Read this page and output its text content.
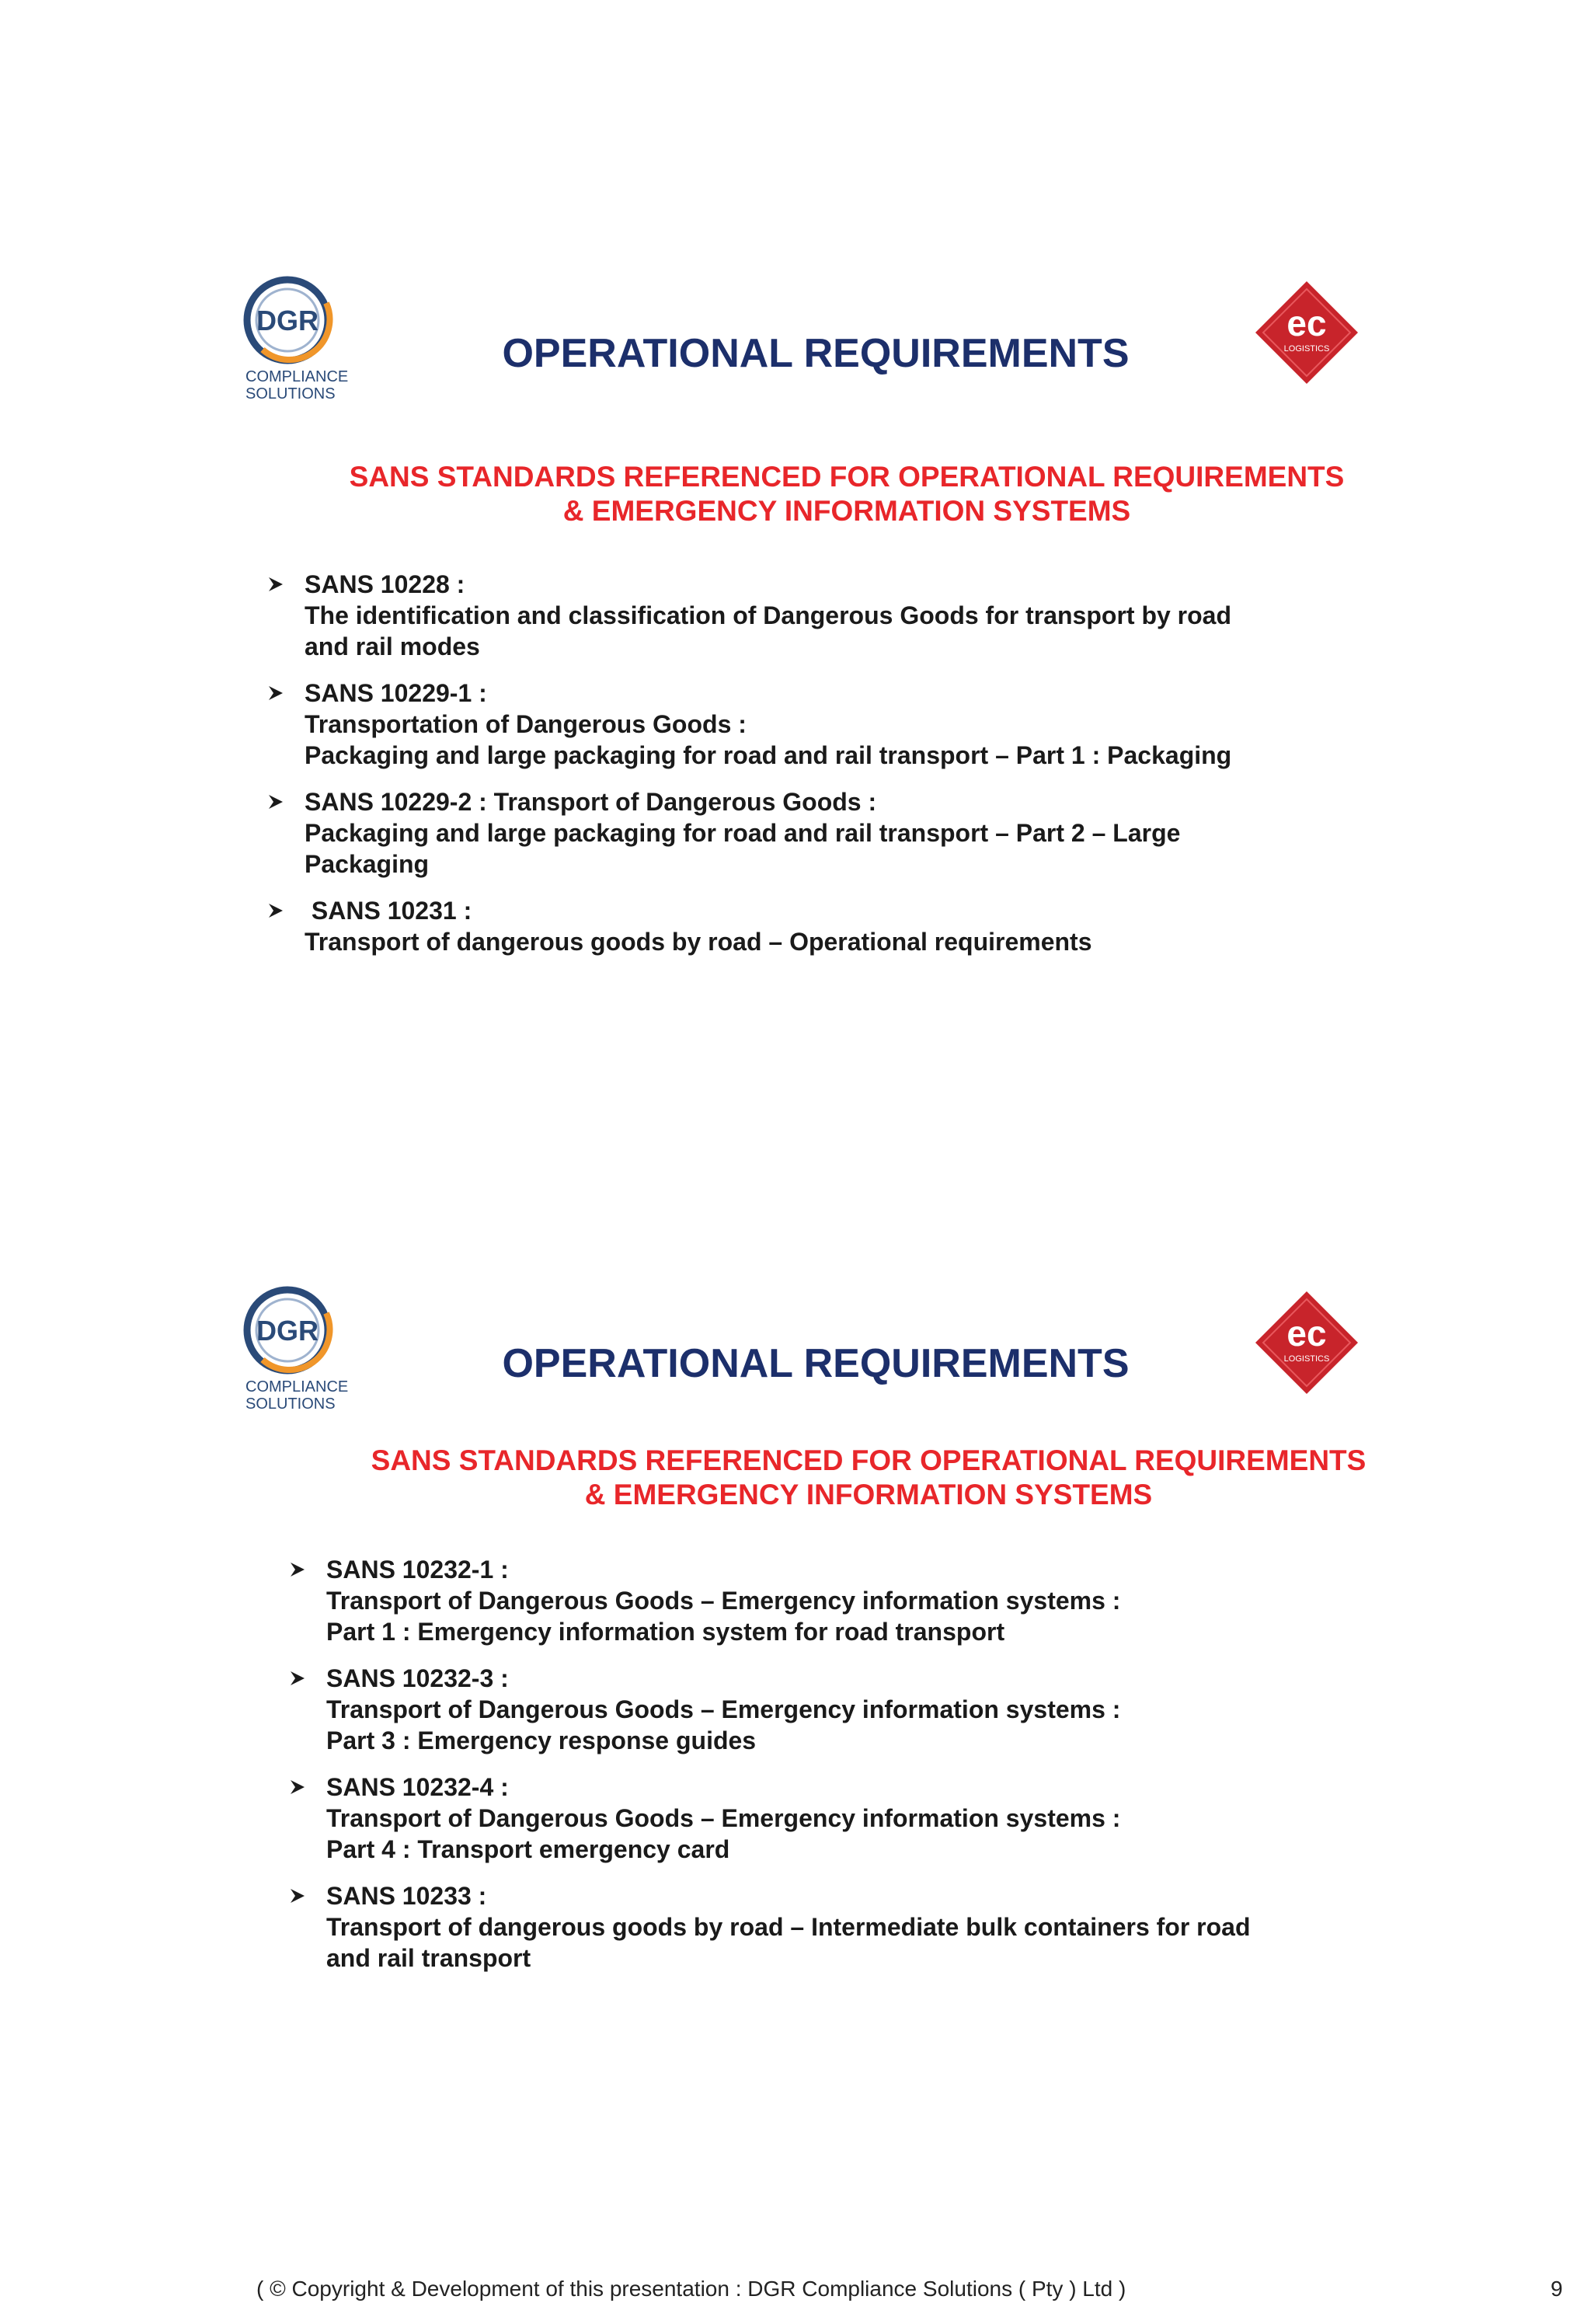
DGR
COMPLIANCE
SOLUTIONS
OPERATIONAL REQUIREMENTS
ec
LOGISTICS
SANS STANDARDS REFERENCED FOR OPERATIONAL REQUIREMENTS
& EMERGENCY INFORMATION SYSTEMS
SANS 10228 :
The identification and classification of Dangerous Goods for transport by road
and rail modes
SANS 10229-1 :
Transportation of Dangerous Goods :
Packaging and large packaging for road and rail transport – Part 1 : Packaging
SANS 10229-2 : Transport of Dangerous Goods :
Packaging and large packaging for road and rail transport – Part 2 – Large
Packaging
SANS 10231 :
Transport of dangerous goods by road – Operational requirements
DGR
COMPLIANCE
SOLUTIONS
OPERATIONAL REQUIREMENTS
ec
LOGISTICS
SANS STANDARDS REFERENCED FOR OPERATIONAL REQUIREMENTS
& EMERGENCY INFORMATION SYSTEMS
SANS 10232-1 :
Transport of Dangerous Goods – Emergency information systems :
Part 1 : Emergency information system for road transport
SANS 10232-3 :
Transport of Dangerous Goods – Emergency information systems :
Part 3 : Emergency response guides
SANS 10232-4 :
Transport of Dangerous Goods – Emergency information systems :
Part 4 : Transport emergency card
SANS 10233 :
Transport of dangerous goods by road – Intermediate bulk containers for road
and rail transport
( © Copyright & Development of this presentation : DGR Compliance Solutions ( Pty ) Ltd )	9
